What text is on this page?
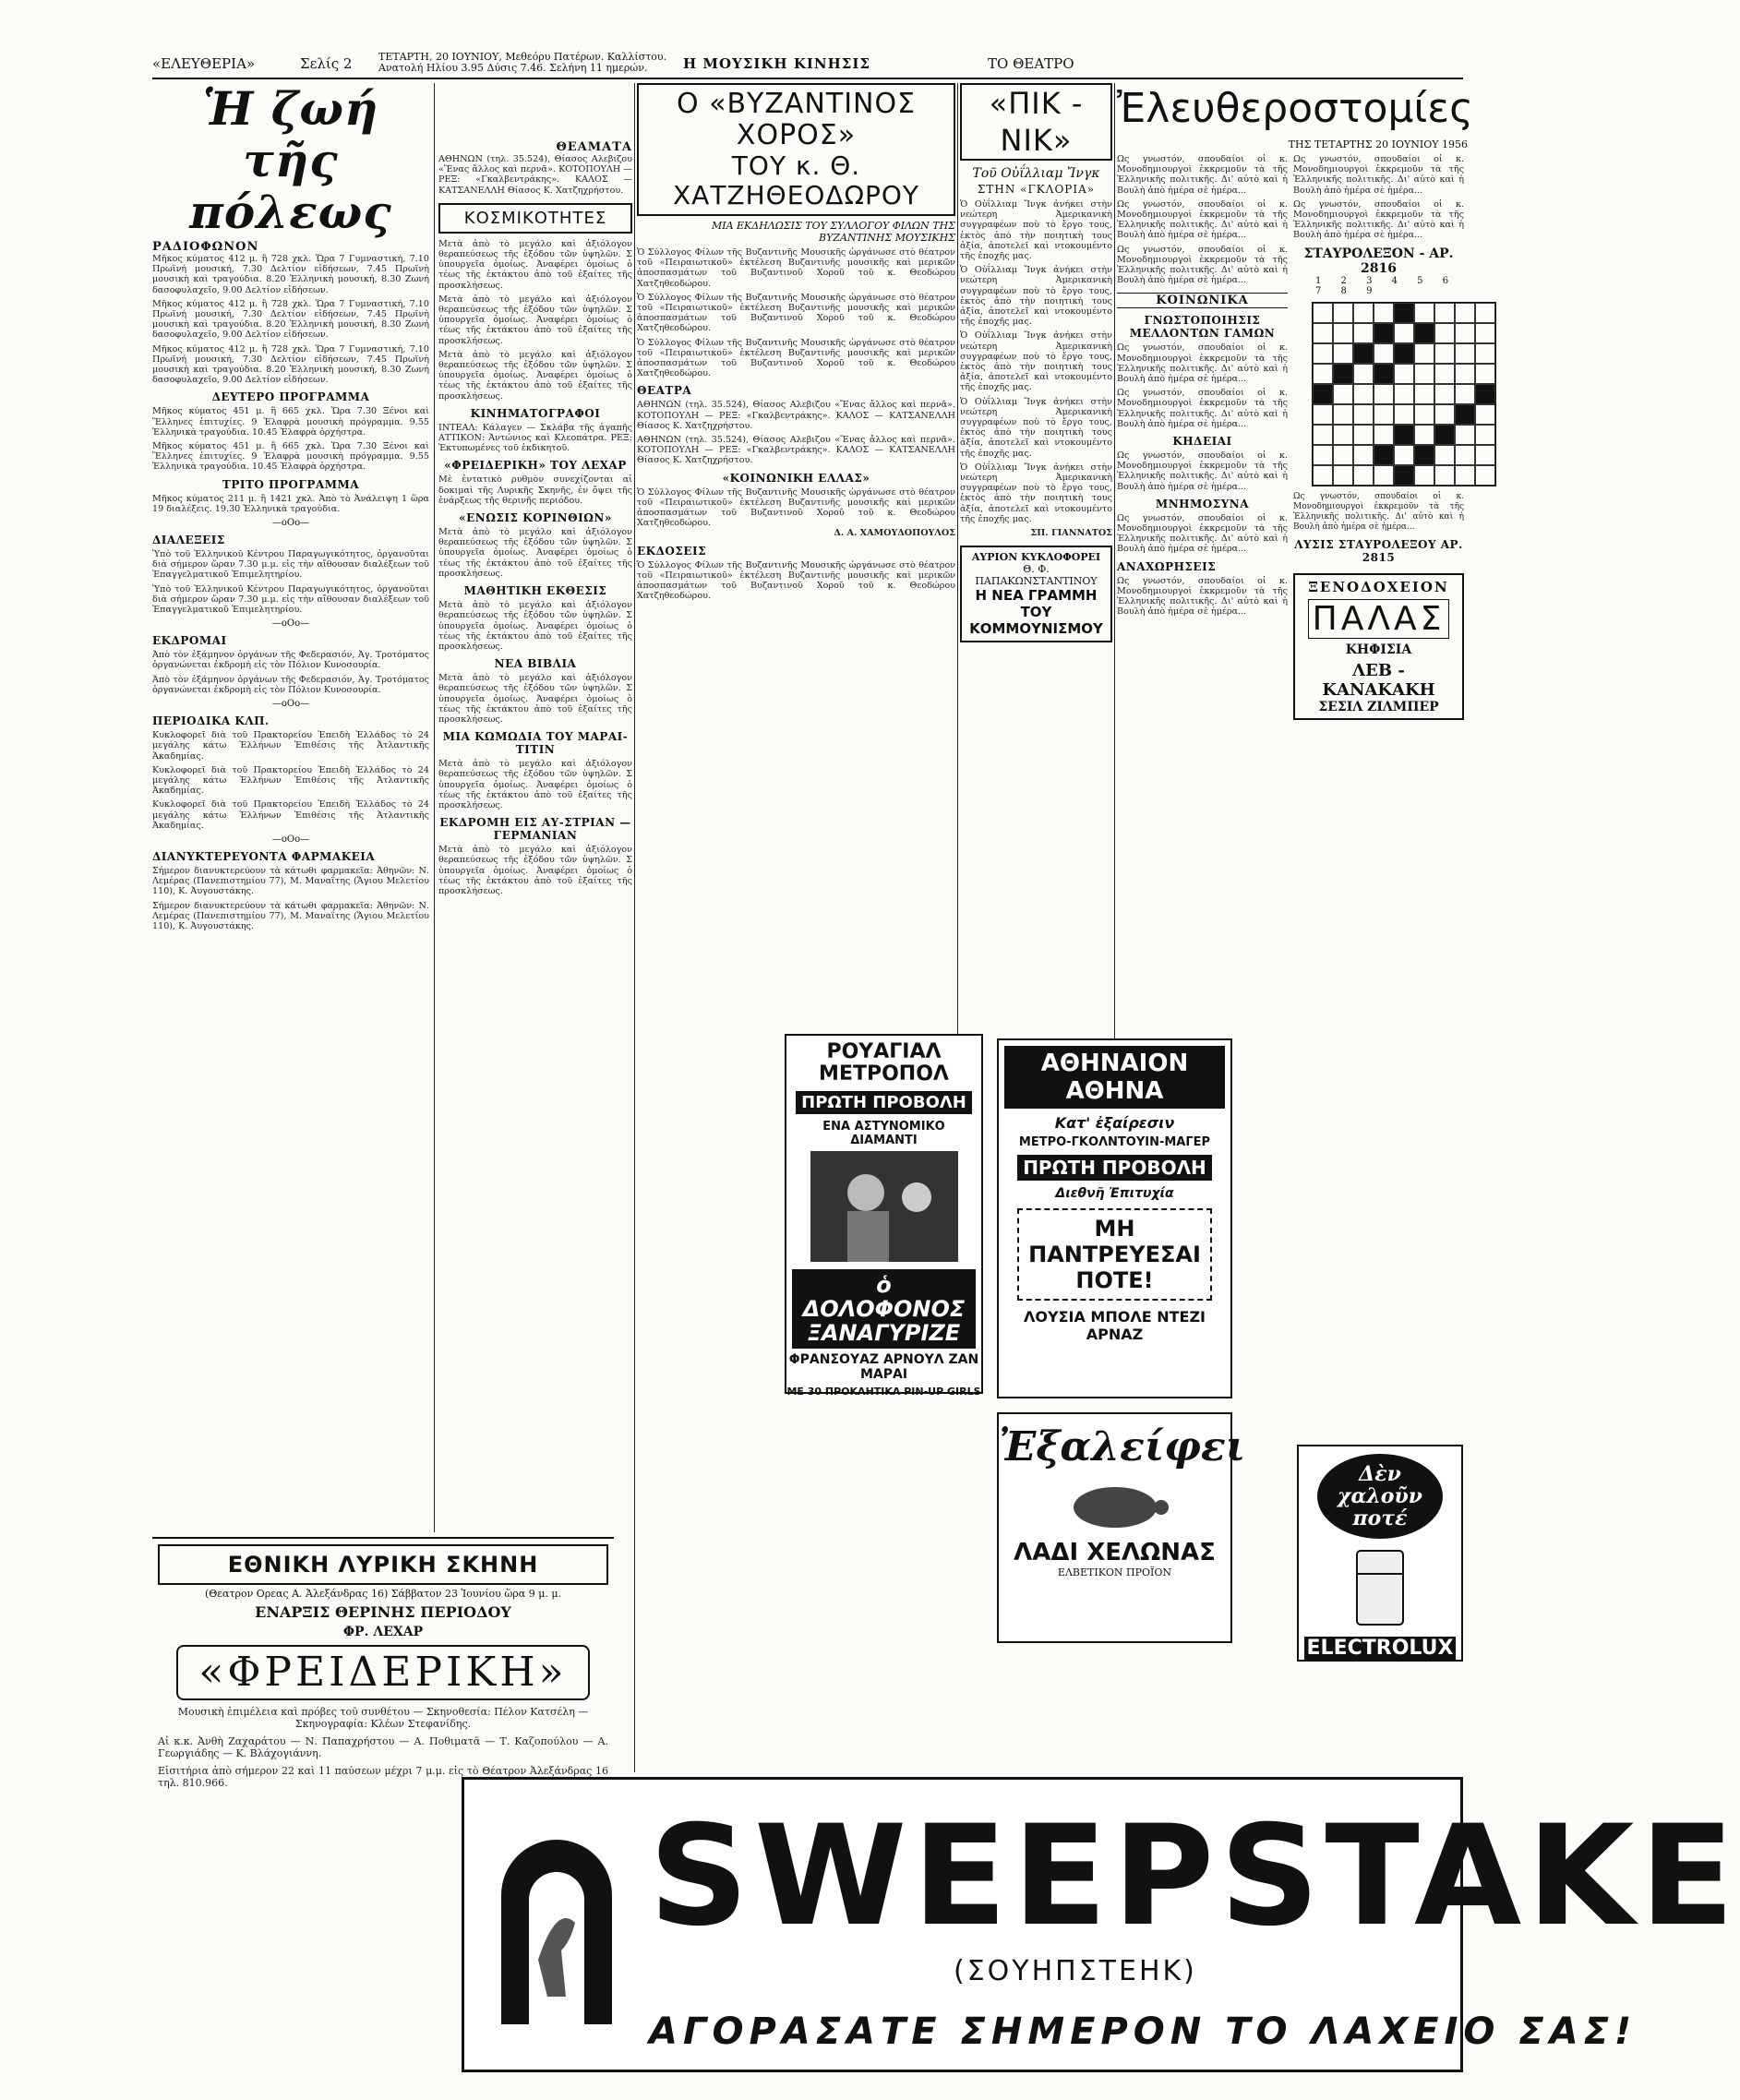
«ΕΛΕΥΘΕΡΙΑ»	Σελίς 2	ΤΕΤΑΡΤΗ, 20 ΙΟΥΝΙΟΥ, Μεθεόρυ Πατέρων. Καλλίστου. Ανατολή Ηλίου 3.95 Δύσις 7.46. Σελήνη 11 ημερών.	Η ΜΟΥΣΙΚΗ ΚΙΝΗΣΙΣ	ΤΟ ΘΕΑΤΡΟ
Ἡ ζωή τῆς πόλεως
ΡΑΔΙΟΦΩΝΟΝ
Μῆκος κύματος 412 μ. ἢ 728 χκλ. Ὥρα 7 Γυμναστική, 7.10 Πρωϊνή μουσική, 7.30 Δελτίον εἰδήσεων, 7.45 Πρωϊνὴ μουσικὴ καὶ τραγούδια. 8.20 Ἑλληνικὴ μουσική, 8.30 Ζωνή δασοφυλαχεῖο, 9.00 Δελτίον εἰδήσεων.
Μῆκος κύματος 412 μ. ἢ 728 χκλ. Ὥρα 7 Γυμναστική, 7.10 Πρωϊνή μουσική, 7.30 Δελτίον εἰδήσεων, 7.45 Πρωϊνὴ μουσικὴ καὶ τραγούδια. 8.20 Ἑλληνικὴ μουσική, 8.30 Ζωνή δασοφυλαχεῖο, 9.00 Δελτίον εἰδήσεων.
Μῆκος κύματος 412 μ. ἢ 728 χκλ. Ὥρα 7 Γυμναστική, 7.10 Πρωϊνή μουσική, 7.30 Δελτίον εἰδήσεων, 7.45 Πρωϊνὴ μουσικὴ καὶ τραγούδια. 8.20 Ἑλληνικὴ μουσική, 8.30 Ζωνή δασοφυλαχεῖο, 9.00 Δελτίον εἰδήσεων.
ΔΕΥΤΕΡΟ ΠΡΟΓΡΑΜΜΑ
Μῆκος κύματος 451 μ. ἢ 665 χκλ. Ὥρα 7.30 Ξένοι καὶ Ἕλληνες ἐπιτυχίες. 9 Ἐλαφρὰ μουσικὴ πρόγραμμα. 9.55 Ἑλληνικὰ τραγούδια. 10.45 Ἐλαφρὰ ὀρχήστρα.
Μῆκος κύματος 451 μ. ἢ 665 χκλ. Ὥρα 7.30 Ξένοι καὶ Ἕλληνες ἐπιτυχίες. 9 Ἐλαφρὰ μουσικὴ πρόγραμμα. 9.55 Ἑλληνικὰ τραγούδια. 10.45 Ἐλαφρὰ ὀρχήστρα.
ΤΡΙΤΟ ΠΡΟΓΡΑΜΜΑ
Μῆκος κύματος 211 μ. ἢ 1421 χκλ. Ἀπὸ τὸ Ἀνάλειψη 1 ὥρα 19 διαλέξεις. 19.30 Ἑλληνικὰ τραγούδια.
—oOo—
ΔΙΑΛΕΞΕΙΣ
Ὑπὸ τοῦ Ἑλληνικοῦ Κέντρου Παραγωγικότητος, ὀργανοῦται διὰ σήμερον ὥραν 7.30 μ.μ. εἰς τὴν αἴθουσαν διαλέξεων τοῦ Ἐπαγγελματικοῦ Ἐπιμελητηρίου.
Ὑπὸ τοῦ Ἑλληνικοῦ Κέντρου Παραγωγικότητος, ὀργανοῦται διὰ σήμερον ὥραν 7.30 μ.μ. εἰς τὴν αἴθουσαν διαλέξεων τοῦ Ἐπαγγελματικοῦ Ἐπιμελητηρίου.
—oOo—
ΕΚΔΡΟΜΑΙ
Ἀπὸ τὸν ἐξάμηνον ὀργάνων τῆς Φεδερασιόν, Ἀγ. Τροτόματος ὀργανώνεται ἐκδρομὴ εἰς τὸν Πόλιον Κυνοσουρία.
Ἀπὸ τὸν ἐξάμηνον ὀργάνων τῆς Φεδερασιόν, Ἀγ. Τροτόματος ὀργανώνεται ἐκδρομὴ εἰς τὸν Πόλιον Κυνοσουρία.
—oOo—
ΠΕΡΙΟΔΙΚΑ ΚΛΠ.
Κυκλοφορεῖ διὰ τοῦ Πρακτορείου Ἐπειδὴ Ἑλλάδος τὸ 24 μεγάλης κάτω Ἑλλήνων Ἐπιθέσις τῆς Ἀτλαντικῆς Ἀκαδημίας.
Κυκλοφορεῖ διὰ τοῦ Πρακτορείου Ἐπειδὴ Ἑλλάδος τὸ 24 μεγάλης κάτω Ἑλλήνων Ἐπιθέσις τῆς Ἀτλαντικῆς Ἀκαδημίας.
Κυκλοφορεῖ διὰ τοῦ Πρακτορείου Ἐπειδὴ Ἑλλάδος τὸ 24 μεγάλης κάτω Ἑλλήνων Ἐπιθέσις τῆς Ἀτλαντικῆς Ἀκαδημίας.
—oOo—
ΔΙΑΝΥΚΤΕΡΕΥΟΝΤΑ ΦΑΡΜΑΚΕΙΑ
Σήμερον διανυκτερεύουν τὰ κάτωθι φαρμακεῖα: Ἀθηνῶν: Ν. Λεμέρας (Πανεπιστημίου 77), Μ. Μαναΐτης (Ἄγιου Μελετίου 110), Κ. Ἀυγουστάκης.
Σήμερον διανυκτερεύουν τὰ κάτωθι φαρμακεῖα: Ἀθηνῶν: Ν. Λεμέρας (Πανεπιστημίου 77), Μ. Μαναΐτης (Ἄγιου Μελετίου 110), Κ. Ἀυγουστάκης.
ΘΕΑΜΑΤΑ
ΑΘΗΝΩΝ (τηλ. 35.524), Θίασος Αλεβιζου «Ἔνας ἄλλος καὶ περνᾶ». ΚΟΤΟΠΟΥΛΗ — ΡΕΞ: «Γκαλβεντράκης». ΚΑΛΟΣ — ΚΑΤΣΑΝΕΛΛΗ Θίασος Κ. Χατζηχρήστου.
ΚΟΣΜΙΚΟΤΗΤΕΣ
Μετὰ ἀπὸ τὸ μεγάλο καὶ ἀξιόλογον θεραπεύσεως τῆς ἐξόδου τῶν ὑψηλῶν. Σ ὑπουργεῖα ὁμοίως. Ἀναφέρει ὁμοίως ὁ τέως τῆς ἐκτάκτου ἀπὸ τοῦ ἐξαίτες τῆς προσκλήσεως.
Μετὰ ἀπὸ τὸ μεγάλο καὶ ἀξιόλογον θεραπεύσεως τῆς ἐξόδου τῶν ὑψηλῶν. Σ ὑπουργεῖα ὁμοίως. Ἀναφέρει ὁμοίως ὁ τέως τῆς ἐκτάκτου ἀπὸ τοῦ ἐξαίτες τῆς προσκλήσεως.
Μετὰ ἀπὸ τὸ μεγάλο καὶ ἀξιόλογον θεραπεύσεως τῆς ἐξόδου τῶν ὑψηλῶν. Σ ὑπουργεῖα ὁμοίως. Ἀναφέρει ὁμοίως ὁ τέως τῆς ἐκτάκτου ἀπὸ τοῦ ἐξαίτες τῆς προσκλήσεως.
ΚΙΝΗΜΑΤΟΓΡΑΦΟΙ
ΙΝΤΕΑΛ: Κάλαγεν — Σκλάβα τῆς ἀγαπῆς ΑΤΤΙΚΟΝ: Ἀντώνιος καὶ Κλεοπάτρα. ΡΕΞ: Ἐκτυπωμένες τοῦ ἐκδικητοῦ.
«ΦΡΕΙΔΕΡΙΚΗ» ΤΟΥ ΛΕΧΑΡ
Μὲ ἐντατικὸ ρυθμὸν συνεχίζονται αἱ δοκιμαὶ τῆς Λυρικῆς Σκηνῆς, ἐν ὄψει τῆς ἐνάρξεως τῆς θερινῆς περιόδου.
«ΕΝΩΣΙΣ ΚΟΡΙΝΘΙΩΝ»
Μετὰ ἀπὸ τὸ μεγάλο καὶ ἀξιόλογον θεραπεύσεως τῆς ἐξόδου τῶν ὑψηλῶν. Σ ὑπουργεῖα ὁμοίως. Ἀναφέρει ὁμοίως ὁ τέως τῆς ἐκτάκτου ἀπὸ τοῦ ἐξαίτες τῆς προσκλήσεως.
ΜΑΘΗΤΙΚΗ ΕΚΘΕΣΙΣ
Μετὰ ἀπὸ τὸ μεγάλο καὶ ἀξιόλογον θεραπεύσεως τῆς ἐξόδου τῶν ὑψηλῶν. Σ ὑπουργεῖα ὁμοίως. Ἀναφέρει ὁμοίως ὁ τέως τῆς ἐκτάκτου ἀπὸ τοῦ ἐξαίτες τῆς προσκλήσεως.
ΝΕΑ ΒΙΒΛΙΑ
Μετὰ ἀπὸ τὸ μεγάλο καὶ ἀξιόλογον θεραπεύσεως τῆς ἐξόδου τῶν ὑψηλῶν. Σ ὑπουργεῖα ὁμοίως. Ἀναφέρει ὁμοίως ὁ τέως τῆς ἐκτάκτου ἀπὸ τοῦ ἐξαίτες τῆς προσκλήσεως.
ΜΙΑ ΚΩΜΩΔΙΑ ΤΟΥ ΜΑΡΑΙ-ΤΙΤΙΝ
Μετὰ ἀπὸ τὸ μεγάλο καὶ ἀξιόλογον θεραπεύσεως τῆς ἐξόδου τῶν ὑψηλῶν. Σ ὑπουργεῖα ὁμοίως. Ἀναφέρει ὁμοίως ὁ τέως τῆς ἐκτάκτου ἀπὸ τοῦ ἐξαίτες τῆς προσκλήσεως.
ΕΚΔΡΟΜΗ ΕΙΣ ΑΥ-ΣΤΡΙΑΝ — ΓΕΡΜΑΝΙΑΝ
Μετὰ ἀπὸ τὸ μεγάλο καὶ ἀξιόλογον θεραπεύσεως τῆς ἐξόδου τῶν ὑψηλῶν. Σ ὑπουργεῖα ὁμοίως. Ἀναφέρει ὁμοίως ὁ τέως τῆς ἐκτάκτου ἀπὸ τοῦ ἐξαίτες τῆς προσκλήσεως.
Ο «ΒΥΖΑΝΤΙΝΟΣ ΧΟΡΟΣ»
ΤΟΥ κ. Θ. ΧΑΤΖΗΘΕΟΔΩΡΟΥ
ΜΙΑ ΕΚΔΗΛΩΣΙΣ ΤΟΥ ΣΥΛΛΟΓΟΥ ΦΙΛΩΝ ΤΗΣ ΒΥΖΑΝΤΙΝΗΣ ΜΟΥΣΙΚΗΣ
Ὁ Σύλλογος Φίλων τῆς Βυζαντινῆς Μουσικῆς ὠργάνωσε στὸ θέατρον τοῦ «Πειραιωτικοῦ» ἐκτέλεση Βυζαντινῆς μουσικῆς καὶ μερικῶν ἀποσπασμάτων τοῦ Βυζαντινοῦ Χοροῦ τοῦ κ. Θεοδώρου Χατζηθεοδώρου.
Ὁ Σύλλογος Φίλων τῆς Βυζαντινῆς Μουσικῆς ὠργάνωσε στὸ θέατρον τοῦ «Πειραιωτικοῦ» ἐκτέλεση Βυζαντινῆς μουσικῆς καὶ μερικῶν ἀποσπασμάτων τοῦ Βυζαντινοῦ Χοροῦ τοῦ κ. Θεοδώρου Χατζηθεοδώρου.
Ὁ Σύλλογος Φίλων τῆς Βυζαντινῆς Μουσικῆς ὠργάνωσε στὸ θέατρον τοῦ «Πειραιωτικοῦ» ἐκτέλεση Βυζαντινῆς μουσικῆς καὶ μερικῶν ἀποσπασμάτων τοῦ Βυζαντινοῦ Χοροῦ τοῦ κ. Θεοδώρου Χατζηθεοδώρου.
ΘΕΑΤΡΑ
ΑΘΗΝΩΝ (τηλ. 35.524), Θίασος Αλεβιζου «Ἔνας ἄλλος καὶ περνᾶ». ΚΟΤΟΠΟΥΛΗ — ΡΕΞ: «Γκαλβεντράκης». ΚΑΛΟΣ — ΚΑΤΣΑΝΕΛΛΗ Θίασος Κ. Χατζηχρήστου.
ΑΘΗΝΩΝ (τηλ. 35.524), Θίασος Αλεβιζου «Ἔνας ἄλλος καὶ περνᾶ». ΚΟΤΟΠΟΥΛΗ — ΡΕΞ: «Γκαλβεντράκης». ΚΑΛΟΣ — ΚΑΤΣΑΝΕΛΛΗ Θίασος Κ. Χατζηχρήστου.
«ΚΟΙΝΩΝΙΚΗ ΕΛΛΑΣ»
Ὁ Σύλλογος Φίλων τῆς Βυζαντινῆς Μουσικῆς ὠργάνωσε στὸ θέατρον τοῦ «Πειραιωτικοῦ» ἐκτέλεση Βυζαντινῆς μουσικῆς καὶ μερικῶν ἀποσπασμάτων τοῦ Βυζαντινοῦ Χοροῦ τοῦ κ. Θεοδώρου Χατζηθεοδώρου.
Δ. Α. ΧΑΜΟΥΔΟΠΟΥΛΟΣ
ΕΚΔΟΣΕΙΣ
Ὁ Σύλλογος Φίλων τῆς Βυζαντινῆς Μουσικῆς ὠργάνωσε στὸ θέατρον τοῦ «Πειραιωτικοῦ» ἐκτέλεση Βυζαντινῆς μουσικῆς καὶ μερικῶν ἀποσπασμάτων τοῦ Βυζαντινοῦ Χοροῦ τοῦ κ. Θεοδώρου Χατζηθεοδώρου.
«ΠΙΚ - ΝΙΚ»
Τοῦ Οὐΐλλιαμ Ἴνγκ
ΣΤΗΝ «ΓΚΛΟΡΙΑ»
Ὁ Οὐΐλλιαμ Ἴνγκ ἀνήκει στὴν νεώτερη Ἀμερικανικὴ συγγραφέων ποὺ τὸ ἔργο τους, ἐκτὸς ἀπὸ τὴν ποιητικὴ τους ἀξία, ἀποτελεῖ καὶ ντοκουμέντο τῆς ἐποχῆς μας.
Ὁ Οὐΐλλιαμ Ἴνγκ ἀνήκει στὴν νεώτερη Ἀμερικανικὴ συγγραφέων ποὺ τὸ ἔργο τους, ἐκτὸς ἀπὸ τὴν ποιητικὴ τους ἀξία, ἀποτελεῖ καὶ ντοκουμέντο τῆς ἐποχῆς μας.
Ὁ Οὐΐλλιαμ Ἴνγκ ἀνήκει στὴν νεώτερη Ἀμερικανικὴ συγγραφέων ποὺ τὸ ἔργο τους, ἐκτὸς ἀπὸ τὴν ποιητικὴ τους ἀξία, ἀποτελεῖ καὶ ντοκουμέντο τῆς ἐποχῆς μας.
Ὁ Οὐΐλλιαμ Ἴνγκ ἀνήκει στὴν νεώτερη Ἀμερικανικὴ συγγραφέων ποὺ τὸ ἔργο τους, ἐκτὸς ἀπὸ τὴν ποιητικὴ τους ἀξία, ἀποτελεῖ καὶ ντοκουμέντο τῆς ἐποχῆς μας.
Ὁ Οὐΐλλιαμ Ἴνγκ ἀνήκει στὴν νεώτερη Ἀμερικανικὴ συγγραφέων ποὺ τὸ ἔργο τους, ἐκτὸς ἀπὸ τὴν ποιητικὴ τους ἀξία, ἀποτελεῖ καὶ ντοκουμέντο τῆς ἐποχῆς μας.
ΣΠ. ΓΙΑΝΝΑΤΟΣ
ΑΥΡΙΟΝ ΚΥΚΛΟΦΟΡΕΙ
Θ. Φ. ΠΑΠΑΚΩΝΣΤΑΝΤΙΝΟΥ
Η ΝΕΑ ΓΡΑΜΜΗ ΤΟΥ ΚΟΜΜΟΥΝΙΣΜΟΥ
Ἐλευθεροστομίες
ΤΗΣ ΤΕΤΑΡΤΗΣ 20 ΙΟΥΝΙΟΥ 1956
Ως γνωστόν, σπουδαίοι οἱ κ. Μονοδημιουργοὶ ἐκκρεμοῦν τὰ τῆς Ἐλληνικῆς πολιτικῆς. Δι' αὐτὸ καὶ ἡ Βουλὴ ἀπὸ ἡμέρα σὲ ἡμέρα...
Ως γνωστόν, σπουδαίοι οἱ κ. Μονοδημιουργοὶ ἐκκρεμοῦν τὰ τῆς Ἐλληνικῆς πολιτικῆς. Δι' αὐτὸ καὶ ἡ Βουλὴ ἀπὸ ἡμέρα σὲ ἡμέρα...
Ως γνωστόν, σπουδαίοι οἱ κ. Μονοδημιουργοὶ ἐκκρεμοῦν τὰ τῆς Ἐλληνικῆς πολιτικῆς. Δι' αὐτὸ καὶ ἡ Βουλὴ ἀπὸ ἡμέρα σὲ ἡμέρα...
ΚΟΙΝΩΝΙΚΑ
ΓΝΩΣΤΟΠΟΙΗΣΙΣ ΜΕΛΛΟΝΤΩΝ ΓΑΜΩΝ
Ως γνωστόν, σπουδαίοι οἱ κ. Μονοδημιουργοὶ ἐκκρεμοῦν τὰ τῆς Ἐλληνικῆς πολιτικῆς. Δι' αὐτὸ καὶ ἡ Βουλὴ ἀπὸ ἡμέρα σὲ ἡμέρα...
Ως γνωστόν, σπουδαίοι οἱ κ. Μονοδημιουργοὶ ἐκκρεμοῦν τὰ τῆς Ἐλληνικῆς πολιτικῆς. Δι' αὐτὸ καὶ ἡ Βουλὴ ἀπὸ ἡμέρα σὲ ἡμέρα...
ΚΗΔΕΙΑΙ
Ως γνωστόν, σπουδαίοι οἱ κ. Μονοδημιουργοὶ ἐκκρεμοῦν τὰ τῆς Ἐλληνικῆς πολιτικῆς. Δι' αὐτὸ καὶ ἡ Βουλὴ ἀπὸ ἡμέρα σὲ ἡμέρα...
ΜΝΗΜΟΣΥΝΑ
Ως γνωστόν, σπουδαίοι οἱ κ. Μονοδημιουργοὶ ἐκκρεμοῦν τὰ τῆς Ἐλληνικῆς πολιτικῆς. Δι' αὐτὸ καὶ ἡ Βουλὴ ἀπὸ ἡμέρα σὲ ἡμέρα...
ΑΝΑΧΩΡΗΣΕΙΣ
Ως γνωστόν, σπουδαίοι οἱ κ. Μονοδημιουργοὶ ἐκκρεμοῦν τὰ τῆς Ἐλληνικῆς πολιτικῆς. Δι' αὐτὸ καὶ ἡ Βουλὴ ἀπὸ ἡμέρα σὲ ἡμέρα...
Ως γνωστόν, σπουδαίοι οἱ κ. Μονοδημιουργοὶ ἐκκρεμοῦν τὰ τῆς Ἐλληνικῆς πολιτικῆς. Δι' αὐτὸ καὶ ἡ Βουλὴ ἀπὸ ἡμέρα σὲ ἡμέρα...
Ως γνωστόν, σπουδαίοι οἱ κ. Μονοδημιουργοὶ ἐκκρεμοῦν τὰ τῆς Ἐλληνικῆς πολιτικῆς. Δι' αὐτὸ καὶ ἡ Βουλὴ ἀπὸ ἡμέρα σὲ ἡμέρα...
ΣΤΑΥΡΟΛΕΞΟΝ - ΑΡ. 2816
1 2 3 4 5 6 7 8 9
Ως γνωστόν, σπουδαίοι οἱ κ. Μονοδημιουργοὶ ἐκκρεμοῦν τὰ τῆς Ἐλληνικῆς πολιτικῆς. Δι' αὐτὸ καὶ ἡ Βουλὴ ἀπὸ ἡμέρα σὲ ἡμέρα...
ΛΥΣΙΣ ΣΤΑΥΡΟΛΕΞΟΥ ΑΡ. 2815
ΞΕΝΟΔΟΧΕΙΟΝ
ΠΑΛΑΣ
ΚΗΦΙΣΙΑ
ΛΕΒ - ΚΑΝΑΚΑΚΗ
ΣΕΣΙΛ ΖΙΛΜΠΕΡ
ΡΟΥΑΓΙΑΛ ΜΕΤΡΟΠΟΛ
ΠΡΩΤΗ ΠΡΟΒΟΛΗ
ΕΝΑ ΑΣΤΥΝΟΜΙΚΟ ΔΙΑΜΑΝΤΙ
ὁ ΔΟΛΟΦΟΝΟΣ ΞΑΝΑΓΥΡΙΖΕ
ΦΡΑΝΣΟΥΑΖ ΑΡΝΟΥΛ ΖΑΝ ΜΑΡΑΙ
ΜΕ 30 ΠΡΟΚΛΗΤΙΚΑ PIN-UP GIRLS
ΑΘΗΝΑΙΟΝ ΑΘΗΝΑ
Κατ' ἐξαίρεσιν
ΜΕΤΡΟ-ΓΚΟΛΝΤΟΥΙΝ-ΜΑΓΕΡ
ΠΡΩΤΗ ΠΡΟΒΟΛΗ
Διεθνῆ Ἐπιτυχία
ΜΗ ΠΑΝΤΡΕΥΕΣΑΙ ΠΟΤΕ!
ΛΟΥΣΙΑ ΜΠΟΛΕ ΝΤΕΖΙ ΑΡΝΑΖ
Ἐξαλείφει
ΛΑΔΙ ΧΕΛΩΝΑΣ
ΕΛΒΕΤΙΚΟΝ ΠΡΟΪΟΝ
Δὲν χαλοῦν ποτέ
ELECTROLUX
ΕΘΝΙΚΗ ΛΥΡΙΚΗ ΣΚΗΝΗ
(Θεατρον Ορεας Α. Ἀλεξάνδρας 16) Σάββατον 23 Ἰουνίου ὥρα 9 μ. μ.
ΕΝΑΡΞΙΣ ΘΕΡΙΝΗΣ ΠΕΡΙΟΔΟΥ
ΦΡ. ΛΕΧΑΡ
«ΦΡΕΙΔΕΡΙΚΗ»
Μουσικὴ ἐπιμέλεια καὶ πρόβες τοῦ συνθέτου — Σκηνοθεσία: Πέλον Κατσέλη — Σκηνογραφία: Κλέων Στεφανίδης.
Αἱ κ.κ. Ἀνθὴ Ζαχαράτου — Ν. Παπαχρήστου — Α. Ποθιματᾶ — Τ. Καζοπούλου — Α. Γεωργιάδης — Κ. Βλάχογιάννη.
Εἰσιτήρια ἀπὸ σήμερον 22 καὶ 11 παύσεων μέχρι 7 μ.μ. εἰς τὸ Θέατρον Ἀλεξάνδρας 16 τηλ. 810.966.
SWEEPSTAKE
(ΣΟΥΗΠΣΤΕΗΚ)
ΑΓΟΡΑΣΑΤΕ ΣΗΜΕΡΟΝ ΤΟ ΛΑΧΕΙΟ ΣΑΣ!
